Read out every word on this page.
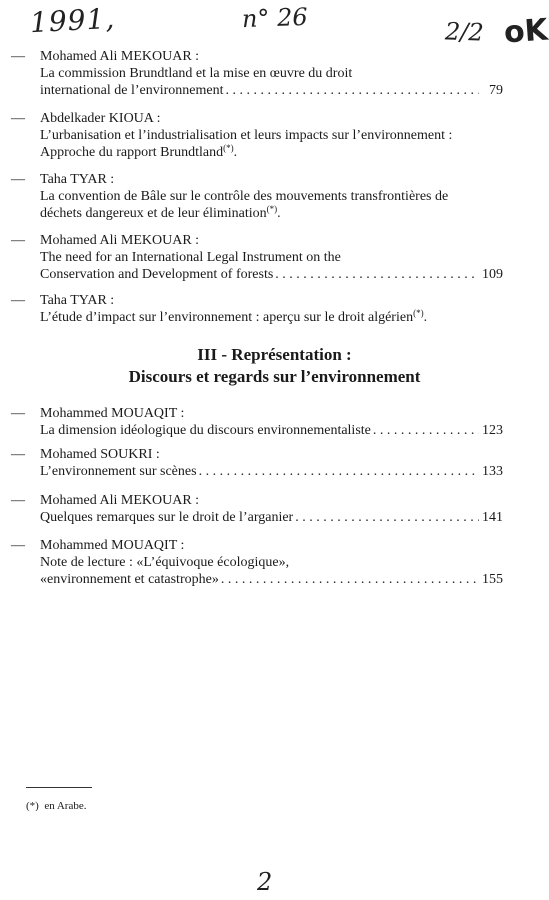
1991,	n° 26	2/2 oK
—	Mohamed Ali MEKOUAR :
La commission Brundtland et la mise en œuvre du droit
international de l’environnement . . .	79
—	Abdelkader KIOUA :
L’urbanisation et l’industrialisation et leurs impacts sur l’environnement :
Approche du rapport Brundtland(*).
—	Taha TYAR :
La convention de Bâle sur le contrôle des mouvements transfrontières de
déchets dangereux et de leur élimination(*).
—	Mohamed Ali MEKOUAR :
The need for an International Legal Instrument on the
Conservation and Development of forests . . .	109
—	Taha TYAR :
L’étude d’impact sur l’environnement : aperçu sur le droit algérien(*).
III - Représentation :
Discours et regards sur l’environnement
—	Mohammed MOUAQIT :
La dimension idéologique du discours environnementaliste . . .	123
—	Mohamed SOUKRI :
L’environnement sur scènes . . .	133
—	Mohamed Ali MEKOUAR :
Quelques remarques sur le droit de l’arganier . . .	141
—	Mohammed MOUAQIT :
Note de lecture : «L’équivoque écologique»,
«environnement et catastrophe» . . .	155
(*) en Arabe.
2
